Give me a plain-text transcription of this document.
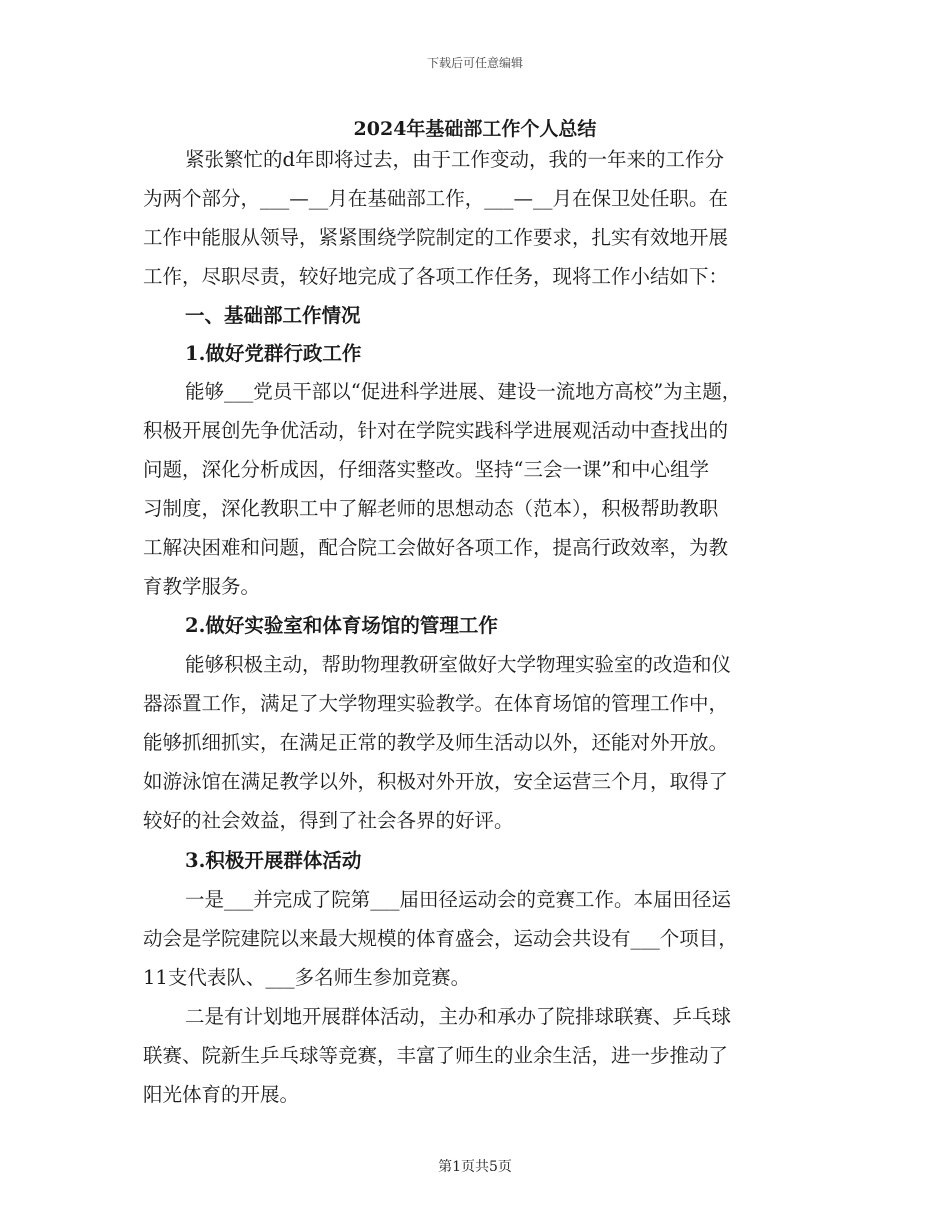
下载后可任意编辑
2024年基础部工作个人总结
紧张繁忙的d年即将过去，由于工作变动，我的一年来的工作分
为两个部分，___—__月在基础部工作，___—__月在保卫处任职。在
工作中能服从领导，紧紧围绕学院制定的工作要求，扎实有效地开展
工作，尽职尽责，较好地完成了各项工作任务，现将工作小结如下：
一、基础部工作情况
1.做好党群行政工作
能够___党员干部以“促进科学进展、建设一流地方高校”为主题，
积极开展创先争优活动，针对在学院实践科学进展观活动中查找出的
问题，深化分析成因，仔细落实整改。坚持“三会一课”和中心组学
习制度，深化教职工中了解老师的思想动态（范本），积极帮助教职
工解决困难和问题，配合院工会做好各项工作，提高行政效率，为教
育教学服务。
2.做好实验室和体育场馆的管理工作
能够积极主动，帮助物理教研室做好大学物理实验室的改造和仪
器添置工作，满足了大学物理实验教学。在体育场馆的管理工作中，
能够抓细抓实，在满足正常的教学及师生活动以外，还能对外开放。
如游泳馆在满足教学以外，积极对外开放，安全运营三个月，取得了
较好的社会效益，得到了社会各界的好评。
3.积极开展群体活动
一是___并完成了院第___届田径运动会的竞赛工作。本届田径运
动会是学院建院以来最大规模的体育盛会，运动会共设有___个项目，
11支代表队、___多名师生参加竞赛。
二是有计划地开展群体活动，主办和承办了院排球联赛、乒乓球
联赛、院新生乒乓球等竞赛，丰富了师生的业余生活，进一步推动了
阳光体育的开展。
第1页共5页
